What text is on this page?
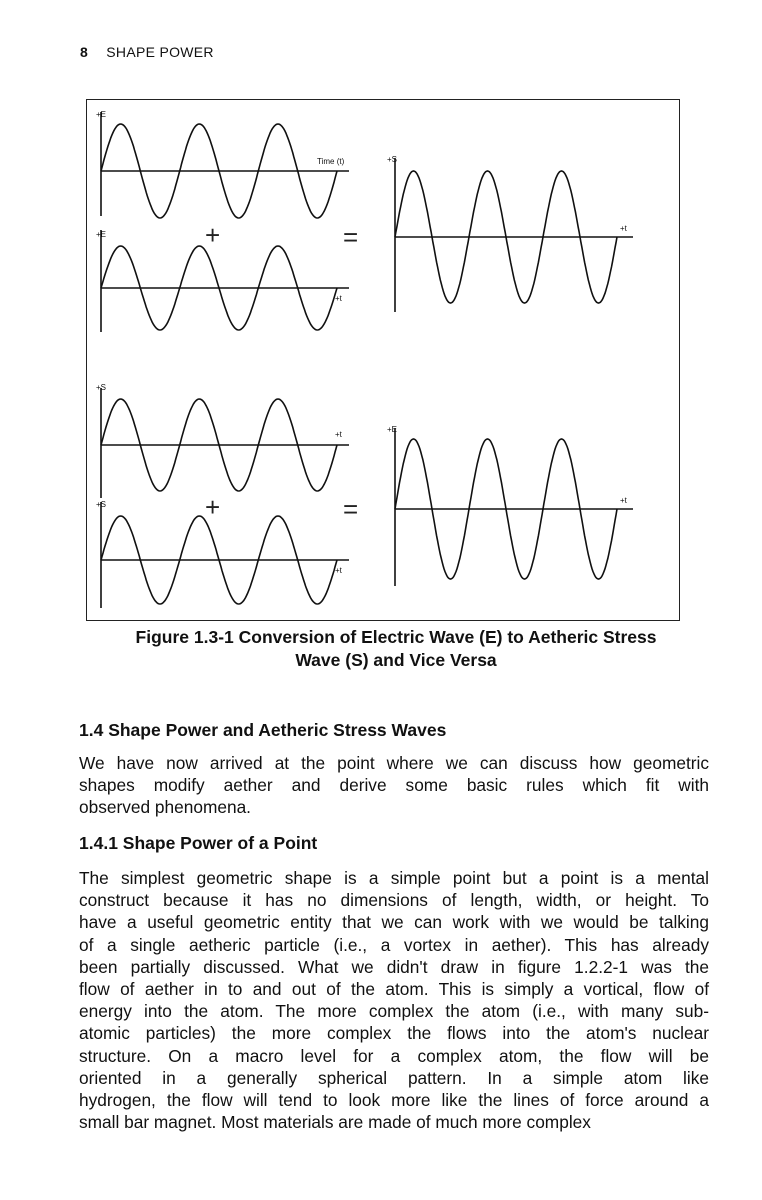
8 SHAPE POWER
+E
Time (t)
+
+E
+t
=
+S
+t
+S
+t
+
+S
+t
=
+E
+t
Figure 1.3-1 Conversion of Electric Wave (E) to Aetheric Stress
Wave (S) and Vice Versa
1.4 Shape Power and Aetheric Stress Waves
We have now arrived at the point where we can discuss how geometric
shapes modify aether and derive some basic rules which fit with
observed phenomena.
1.4.1 Shape Power of a Point
The simplest geometric shape is a simple point but a point is a mental
construct because it has no dimensions of length, width, or height. To
have a useful geometric entity that we can work with we would be talking
of a single aetheric particle (i.e., a vortex in aether). This has already
been partially discussed. What we didn't draw in figure 1.2.2-1 was the
flow of aether in to and out of the atom. This is simply a vortical, flow of
energy into the atom. The more complex the atom (i.e., with many sub-
atomic particles) the more complex the flows into the atom's nuclear
structure. On a macro level for a complex atom, the flow will be
oriented in a generally spherical pattern. In a simple atom like
hydrogen, the flow will tend to look more like the lines of force around a
small bar magnet. Most materials are made of much more complex
